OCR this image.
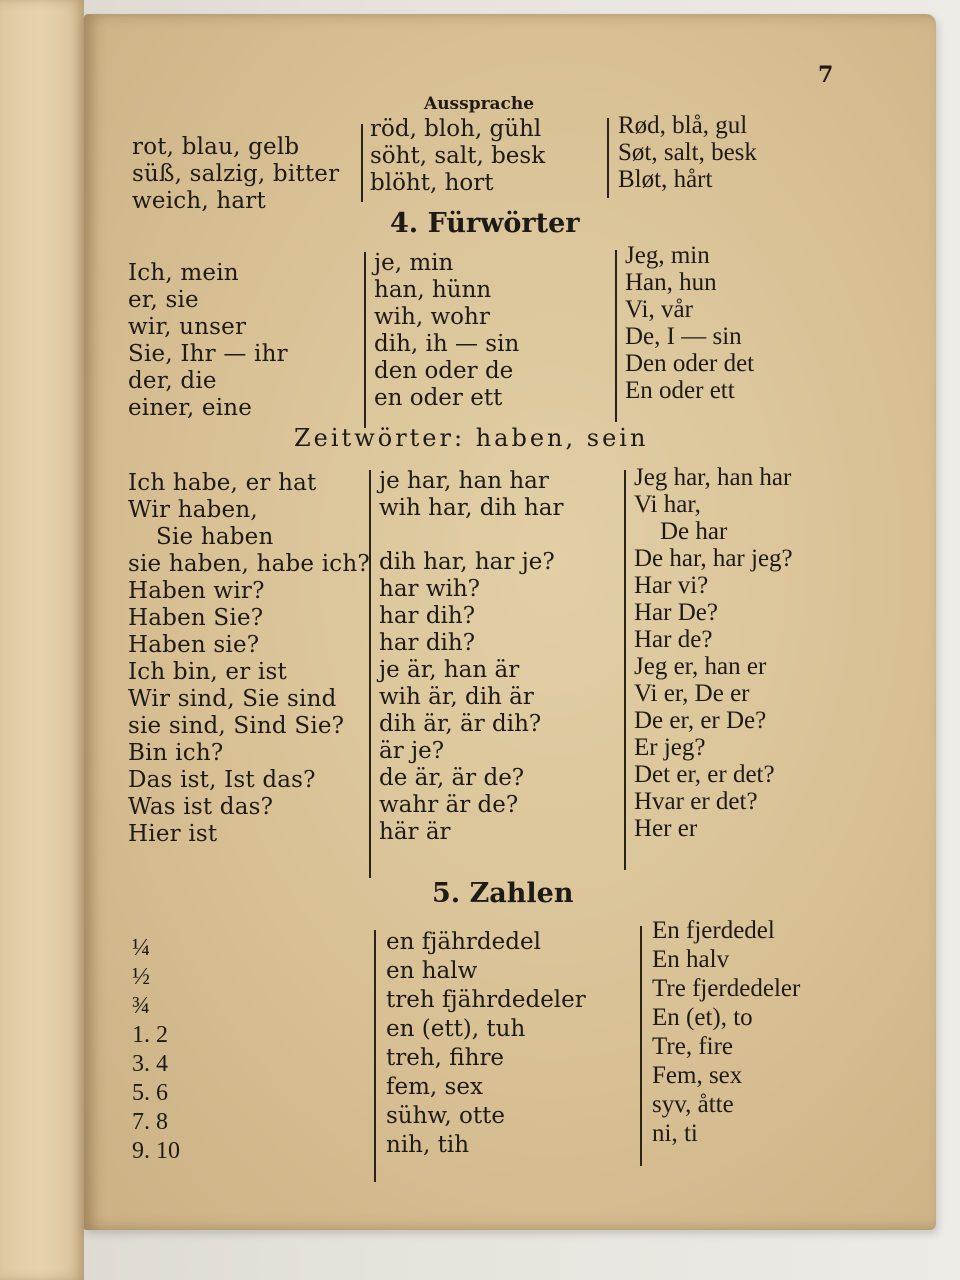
7
Aussprache
rot, blau, gelb
süß, salzig, bitter
weich, hart
röd, bloh, gühl
söht, salt, besk
blöht, hort
Rød, blå, gul
Søt, salt, besk
Bløt, hårt
4. Fürwörter
Ich, mein
er, sie
wir, unser
Sie, Ihr — ihr
der, die
einer, eine
je, min
han, hünn
wih, wohr
dih, ih — sin
den oder de
en oder ett
Jeg, min
Han, hun
Vi, vår
De, I — sin
Den oder det
En oder ett
Zeitwörter: haben, sein
Ich habe, er hat
Wir haben,
Sie haben
sie haben, habe ich?
Haben wir?
Haben Sie?
Haben sie?
Ich bin, er ist
Wir sind, Sie sind
sie sind, Sind Sie?
Bin ich?
Das ist, Ist das?
Was ist das?
Hier ist
je har, han har
wih har, dih har
dih har, har je?
har wih?
har dih?
har dih?
je är, han är
wih är, dih är
dih är, är dih?
är je?
de är, är de?
wahr är de?
här är
Jeg har, han har
Vi har,
De har
De har, har jeg?
Har vi?
Har De?
Har de?
Jeg er, han er
Vi er, De er
De er, er De?
Er jeg?
Det er, er det?
Hvar er det?
Her er
5. Zahlen
¼
½
¾
1. 2
3. 4
5. 6
7. 8
9. 10
en fjährdedel
en halw
treh fjährdedeler
en (ett), tuh
treh, fihre
fem, sex
sühw, otte
nih, tih
En fjerdedel
En halv
Tre fjerdedeler
En (et), to
Tre, fire
Fem, sex
syv, åtte
ni, ti
